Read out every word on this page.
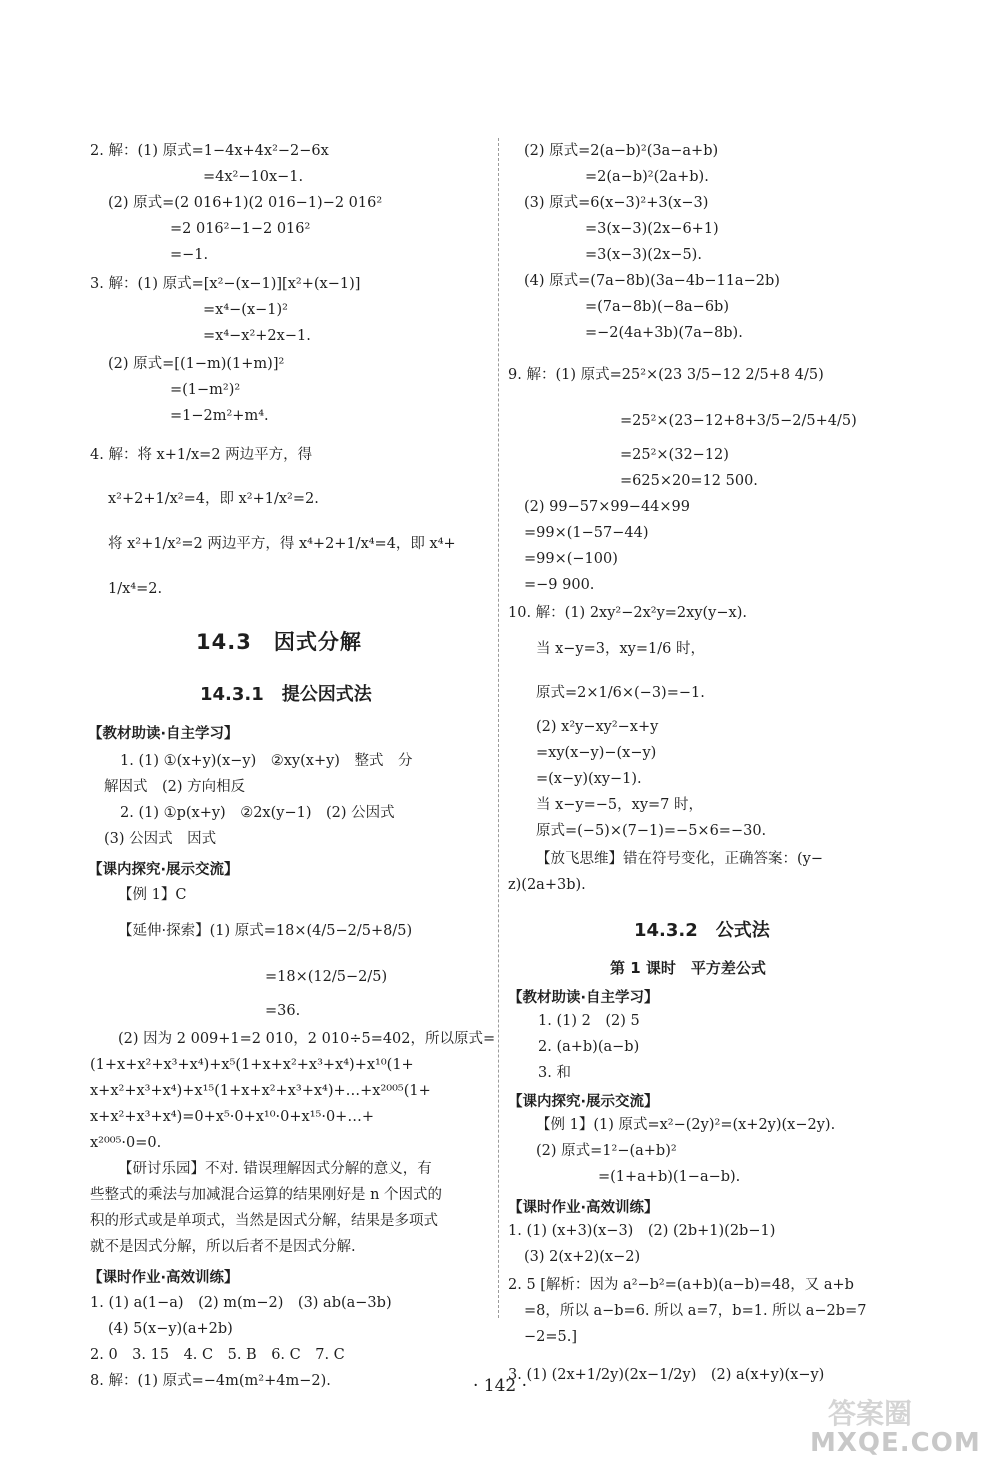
2. 解：(1) 原式=1−4x+4x²−2−6x
=4x²−10x−1.
(2) 原式=(2 016+1)(2 016−1)−2 016²
=2 016²−1−2 016²
=−1.
3. 解：(1) 原式=[x²−(x−1)][x²+(x−1)]
=x⁴−(x−1)²
=x⁴−x²+2x−1.
(2) 原式=[(1−m)(1+m)]²
=(1−m²)²
=1−2m²+m⁴.
4. 解：将 x+1/x=2 两边平方，得
x²+2+1/x²=4，即 x²+1/x²=2.
将 x²+1/x²=2 两边平方，得 x⁴+2+1/x⁴=4，即 x⁴+
1/x⁴=2.
14.3　因式分解
14.3.1　提公因式法
【教材助读·自主学习】
1. (1) ①(x+y)(x−y)　②xy(x+y)　整式　分
解因式　(2) 方向相反
2. (1) ①p(x+y)　②2x(y−1)　(2) 公因式
(3) 公因式　因式
【课内探究·展示交流】
【例 1】C
【延伸·探索】(1) 原式=18×(4/5−2/5+8/5)
=18×(12/5−2/5)
=36.
(2) 因为 2 009+1=2 010，2 010÷5=402，所以原式=
(1+x+x²+x³+x⁴)+x⁵(1+x+x²+x³+x⁴)+x¹⁰(1+
x+x²+x³+x⁴)+x¹⁵(1+x+x²+x³+x⁴)+…+x²⁰⁰⁵(1+
x+x²+x³+x⁴)=0+x⁵·0+x¹⁰·0+x¹⁵·0+…+
x²⁰⁰⁵·0=0.
【研讨乐园】不对. 错误理解因式分解的意义，有
些整式的乘法与加减混合运算的结果刚好是 n 个因式的
积的形式或是单项式，当然是因式分解，结果是多项式
就不是因式分解，所以后者不是因式分解.
【课时作业·高效训练】
1. (1) a(1−a)　(2) m(m−2)　(3) ab(a−3b)
(4) 5(x−y)(a+2b)
2. 0　3. 15　4. C　5. B　6. C　7. C
8. 解：(1) 原式=−4m(m²+4m−2).
(2) 原式=2(a−b)²(3a−a+b)
=2(a−b)²(2a+b).
(3) 原式=6(x−3)²+3(x−3)
=3(x−3)(2x−6+1)
=3(x−3)(2x−5).
(4) 原式=(7a−8b)(3a−4b−11a−2b)
=(7a−8b)(−8a−6b)
=−2(4a+3b)(7a−8b).
9. 解：(1) 原式=25²×(23 3/5−12 2/5+8 4/5)
=25²×(23−12+8+3/5−2/5+4/5)
=25²×(32−12)
=625×20=12 500.
(2) 99−57×99−44×99
=99×(1−57−44)
=99×(−100)
=−9 900.
10. 解：(1) 2xy²−2x²y=2xy(y−x).
当 x−y=3，xy=1/6 时，
原式=2×1/6×(−3)=−1.
(2) x²y−xy²−x+y
=xy(x−y)−(x−y)
=(x−y)(xy−1).
当 x−y=−5，xy=7 时，
原式=(−5)×(7−1)=−5×6=−30.
【放飞思维】错在符号变化，正确答案：(y−
z)(2a+3b).
14.3.2　公式法
第 1 课时　平方差公式
【教材助读·自主学习】
1. (1) 2　(2) 5
2. (a+b)(a−b)
3. 和
【课内探究·展示交流】
【例 1】(1) 原式=x²−(2y)²=(x+2y)(x−2y).
(2) 原式=1²−(a+b)²
=(1+a+b)(1−a−b).
【课时作业·高效训练】
1. (1) (x+3)(x−3)　(2) (2b+1)(2b−1)
(3) 2(x+2)(x−2)
2. 5 [解析：因为 a²−b²=(a+b)(a−b)=48，又 a+b
=8，所以 a−b=6. 所以 a=7，b=1. 所以 a−2b=7
−2=5.]
3. (1) (2x+1/2y)(2x−1/2y)　(2) a(x+y)(x−y)
· 142 ·
答案圈
MXQE.COM
